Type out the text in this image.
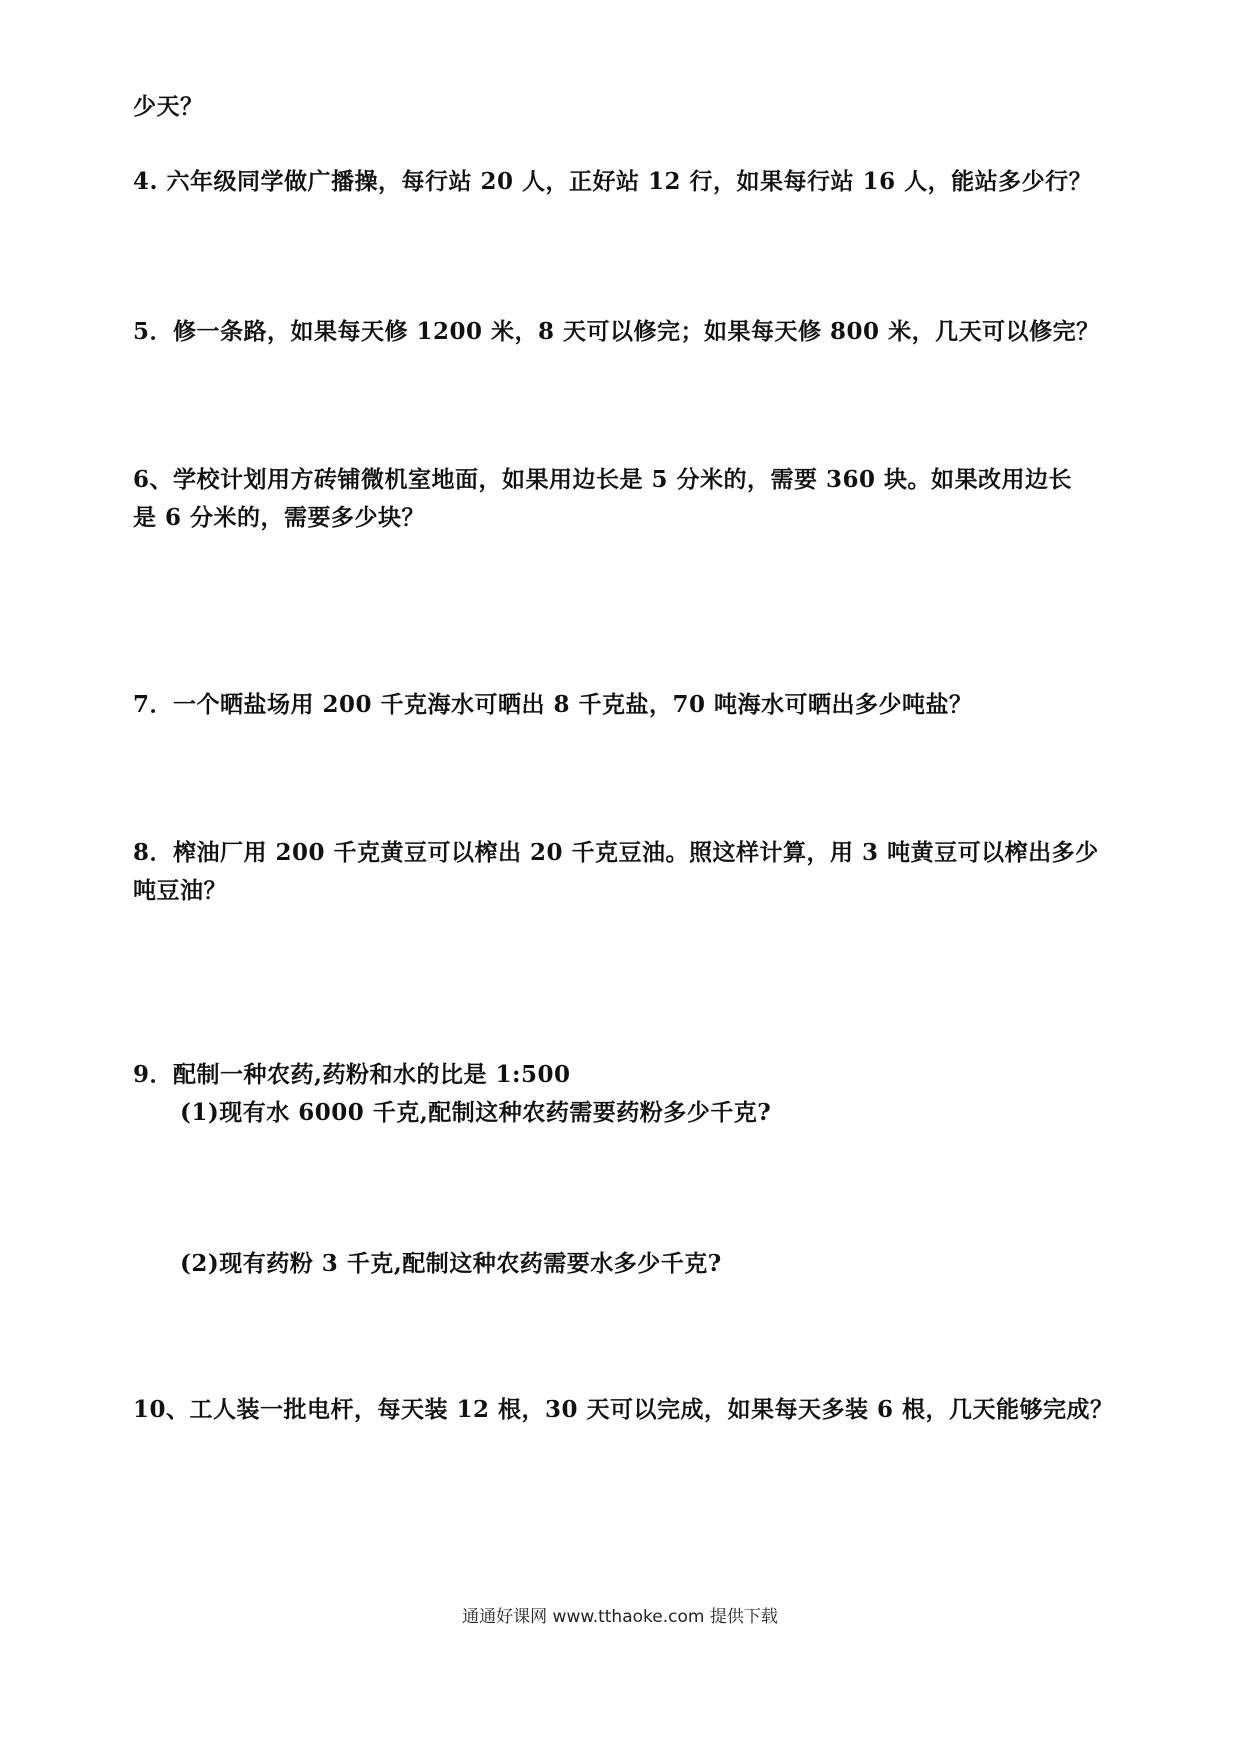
少天？
4. 六年级同学做广播操，每行站 20 人，正好站 12 行，如果每行站 16 人，能站多少行？
5．修一条路，如果每天修 1200 米，8 天可以修完；如果每天修 800 米，几天可以修完？
6、学校计划用方砖铺微机室地面，如果用边长是 5 分米的，需要 360 块。如果改用边长
是 6 分米的，需要多少块？
7．一个晒盐场用 200 千克海水可晒出 8 千克盐，70 吨海水可晒出多少吨盐？
8．榨油厂用 200 千克黄豆可以榨出 20 千克豆油。照这样计算，用 3 吨黄豆可以榨出多少
吨豆油？
9．配制一种农药,药粉和水的比是 1:500
(1)现有水 6000 千克,配制这种农药需要药粉多少千克?
(2)现有药粉 3 千克,配制这种农药需要水多少千克?
10、工人装一批电杆，每天装 12 根，30 天可以完成，如果每天多装 6 根，几天能够完成？
通通好课网 www.tthaoke.com 提供下载
